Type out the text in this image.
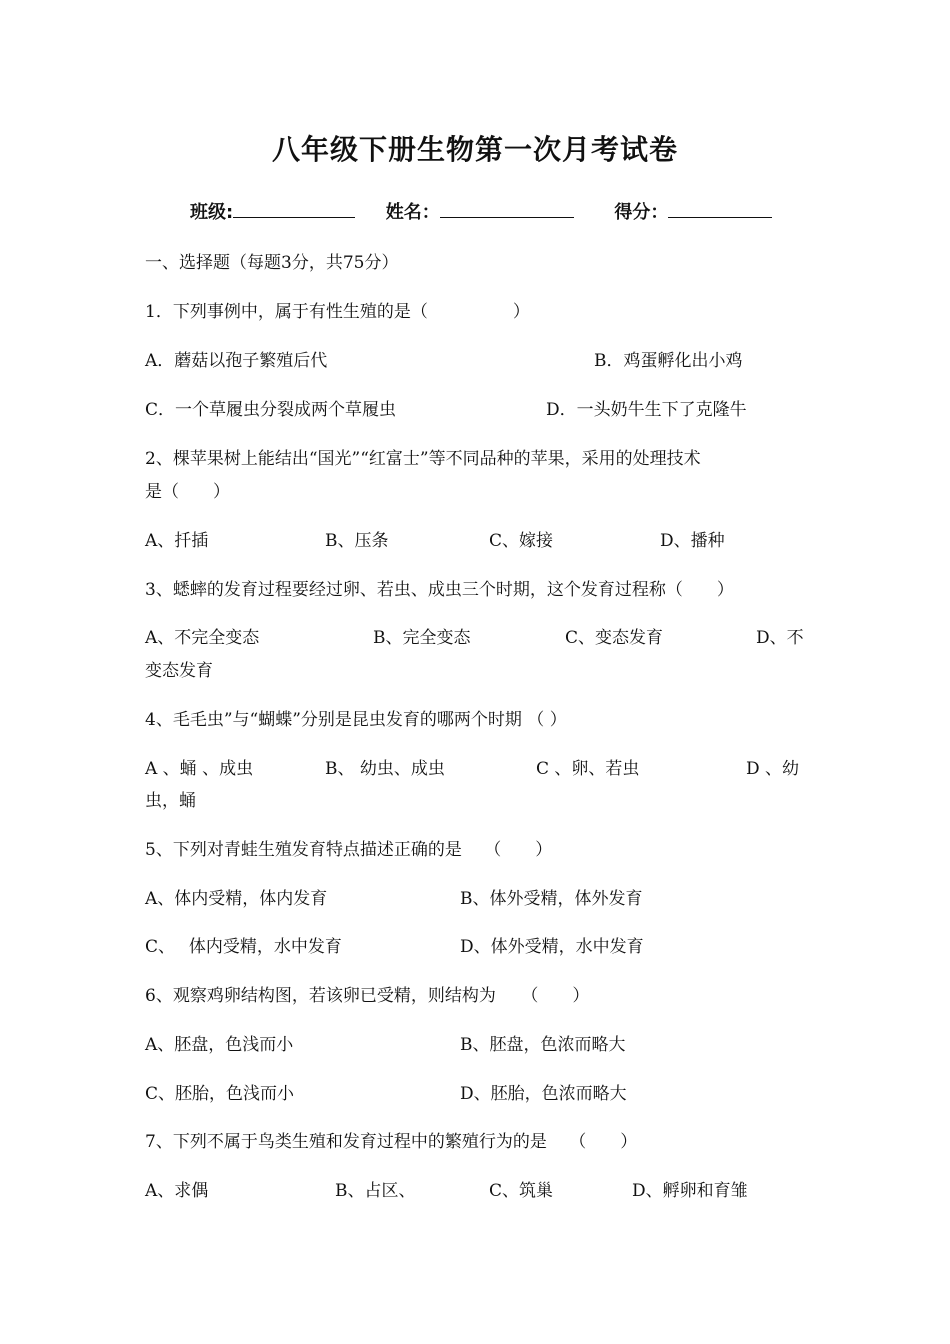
八年级下册生物第一次月考试卷
班级:	姓名：	得分：
一、选择题（每题3分，共75分）
1．下列事例中，属于有性生殖的是（　　　　　）
A．蘑菇以孢子繁殖后代	B．鸡蛋孵化出小鸡
C．一个草履虫分裂成两个草履虫	D．一头奶牛生下了克隆牛
2、棵苹果树上能结出“国光”“红富士”等不同品种的苹果，采用的处理技术
是（　　）
A、扦插	B、压条	C、嫁接	D、播种
3、蟋蟀的发育过程要经过卵、若虫、成虫三个时期，这个发育过程称（　　）
A、不完全变态	B、完全变态	C、变态发育	D、不
变态发育
4、毛毛虫”与“蝴蝶”分别是昆虫发育的哪两个时期 （ ）
A 、蛹 、成虫	B、 幼虫、成虫	C 、卵、若虫	D 、幼
虫，蛹
5、下列对青蛙生殖发育特点描述正确的是　 （　　）
A、体内受精，体内发育	B、体外受精，体外发育
C、　 体内受精，水中发育	D、体外受精，水中发育
6、观察鸡卵结构图，若该卵已受精，则结构为　　（　　）
A、胚盘，色浅而小	B、胚盘，色浓而略大
C、胚胎，色浅而小	D、胚胎，色浓而略大
7、下列不属于鸟类生殖和发育过程中的繁殖行为的是　 （　　）
A、求偶	B、占区、	C、筑巢	D、孵卵和育雏
